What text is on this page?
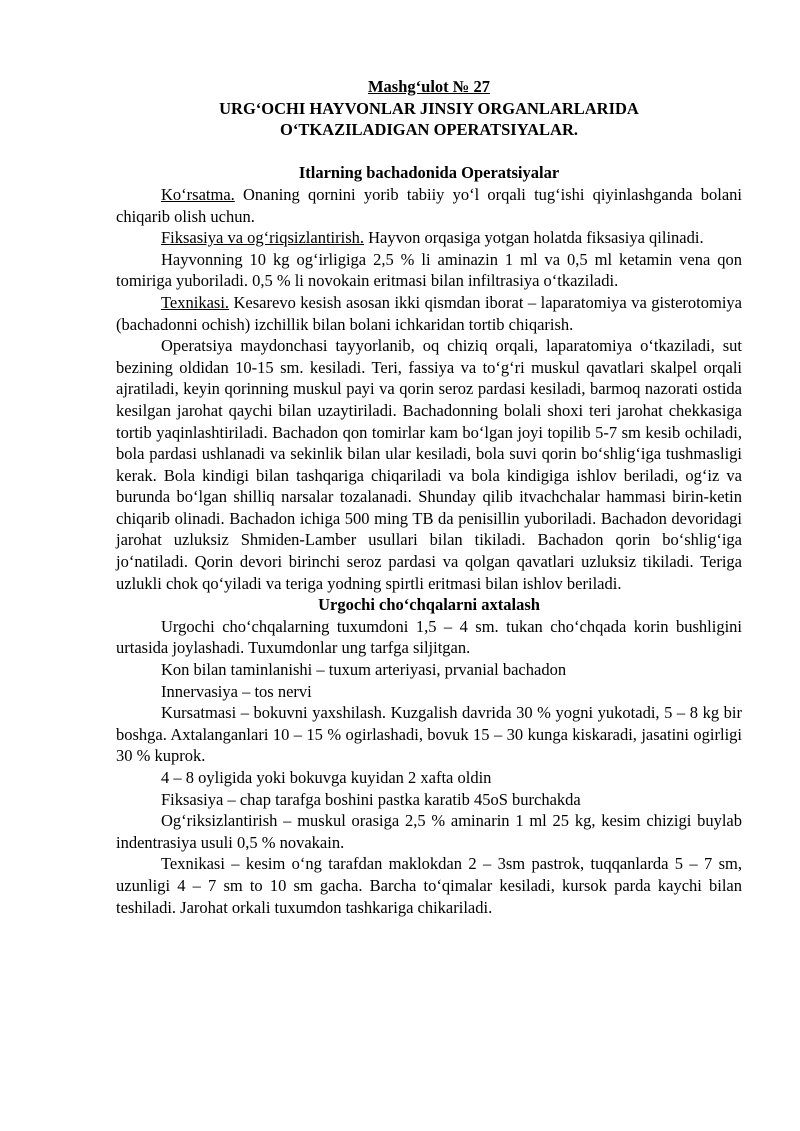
Mashg‘ulot № 27
URG‘OCHI HAYVONLAR JINSIY ORGANLARLARIDA
O‘TKAZILADIGAN OPERATSIYALAR.
Itlarning bachadonida Operatsiyalar

Ko‘rsatma. Onaning qornini yorib tabiiy yo‘l orqali tug‘ishi qiyinlashganda bolani chiqarib olish uchun.

Fiksasiya va og‘riqsizlantirish. Hayvon orqasiga yotgan holatda fiksasiya qilinadi.

Hayvonning 10 kg og‘irligiga 2,5 % li aminazin 1 ml va 0,5 ml ketamin vena qon tomiriga yuboriladi. 0,5 % li novokain eritmasi bilan infiltrasiya o‘tkaziladi.

Texnikasi. Kesarevo kesish asosan ikki qismdan iborat – laparatomiya va gisterotomiya (bachadonni ochish) izchillik bilan bolani ichkaridan tortib chiqarish.

Operatsiya maydonchasi tayyorlanib, oq chiziq orqali, laparatomiya o‘tkaziladi, sut bezining oldidan 10-15 sm. kesiladi. Teri, fassiya va to‘g‘ri muskul qavatlari skalpel orqali ajratiladi, keyin qorinning muskul payi va qorin seroz pardasi kesiladi, barmoq nazorati ostida kesilgan jarohat qaychi bilan uzaytiriladi. Bachadonning bolali shoxi teri jarohat chekkasiga tortib yaqinlashtiriladi. Bachadon qon tomirlar kam bo‘lgan joyi topilib 5-7 sm kesib ochiladi, bola pardasi ushlanadi va sekinlik bilan ular kesiladi, bola suvi qorin bo‘shlig‘iga tushmasligi kerak. Bola kindigi bilan tashqariga chiqariladi va bola kindigiga ishlov beriladi, og‘iz va burunda bo‘lgan shilliq narsalar tozalanadi. Shunday qilib itvachchalar hammasi birin-ketin chiqarib olinadi. Bachadon ichiga 500 ming TB da penisillin yuboriladi. Bachadon devoridagi jarohat uzluksiz Shmiden-Lamber usullari bilan tikiladi. Bachadon qorin bo‘shlig‘iga jo‘natiladi. Qorin devori birinchi seroz pardasi va qolgan qavatlari uzluksiz tikiladi. Teriga uzlukli chok qo‘yiladi va teriga yodning spirtli eritmasi bilan ishlov beriladi.

Urgochi cho‘chqalarni axtalash

Urgochi cho‘chqalarning tuxumdoni 1,5 – 4 sm. tukan cho‘chqada korin bushligini urtasida joylashadi. Tuxumdonlar ung tarfga siljitgan.

Kon bilan taminlanishi – tuxum arteriyasi, prvanial bachadon

Innervasiya – tos nervi

Kursatmasi – bokuvni yaxshilash. Kuzgalish davrida 30 % yogni yukotadi, 5 – 8 kg bir boshga. Axtalanganlari 10 – 15 % ogirlashadi, bovuk 15 – 30 kunga kiskaradi, jasatini ogirligi 30 % kuprok.

4 – 8 oyligida yoki bokuvga kuyidan 2 xafta oldin

Fiksasiya – chap tarafga boshini pastka karatib 45oS burchakda

Og‘riksizlantirish – muskul orasiga 2,5 % aminarin 1 ml 25 kg, kesim chizigi buylab indentrasiya usuli 0,5 % novakain.

Texnikasi – kesim o‘ng tarafdan maklokdan 2 – 3sm pastrok, tuqqanlarda 5 – 7 sm, uzunligi 4 – 7 sm to 10 sm gacha. Barcha to‘qimalar kesiladi, kursok parda kaychi bilan teshiladi. Jarohat orkali tuxumdon tashkariga chikariladi.
